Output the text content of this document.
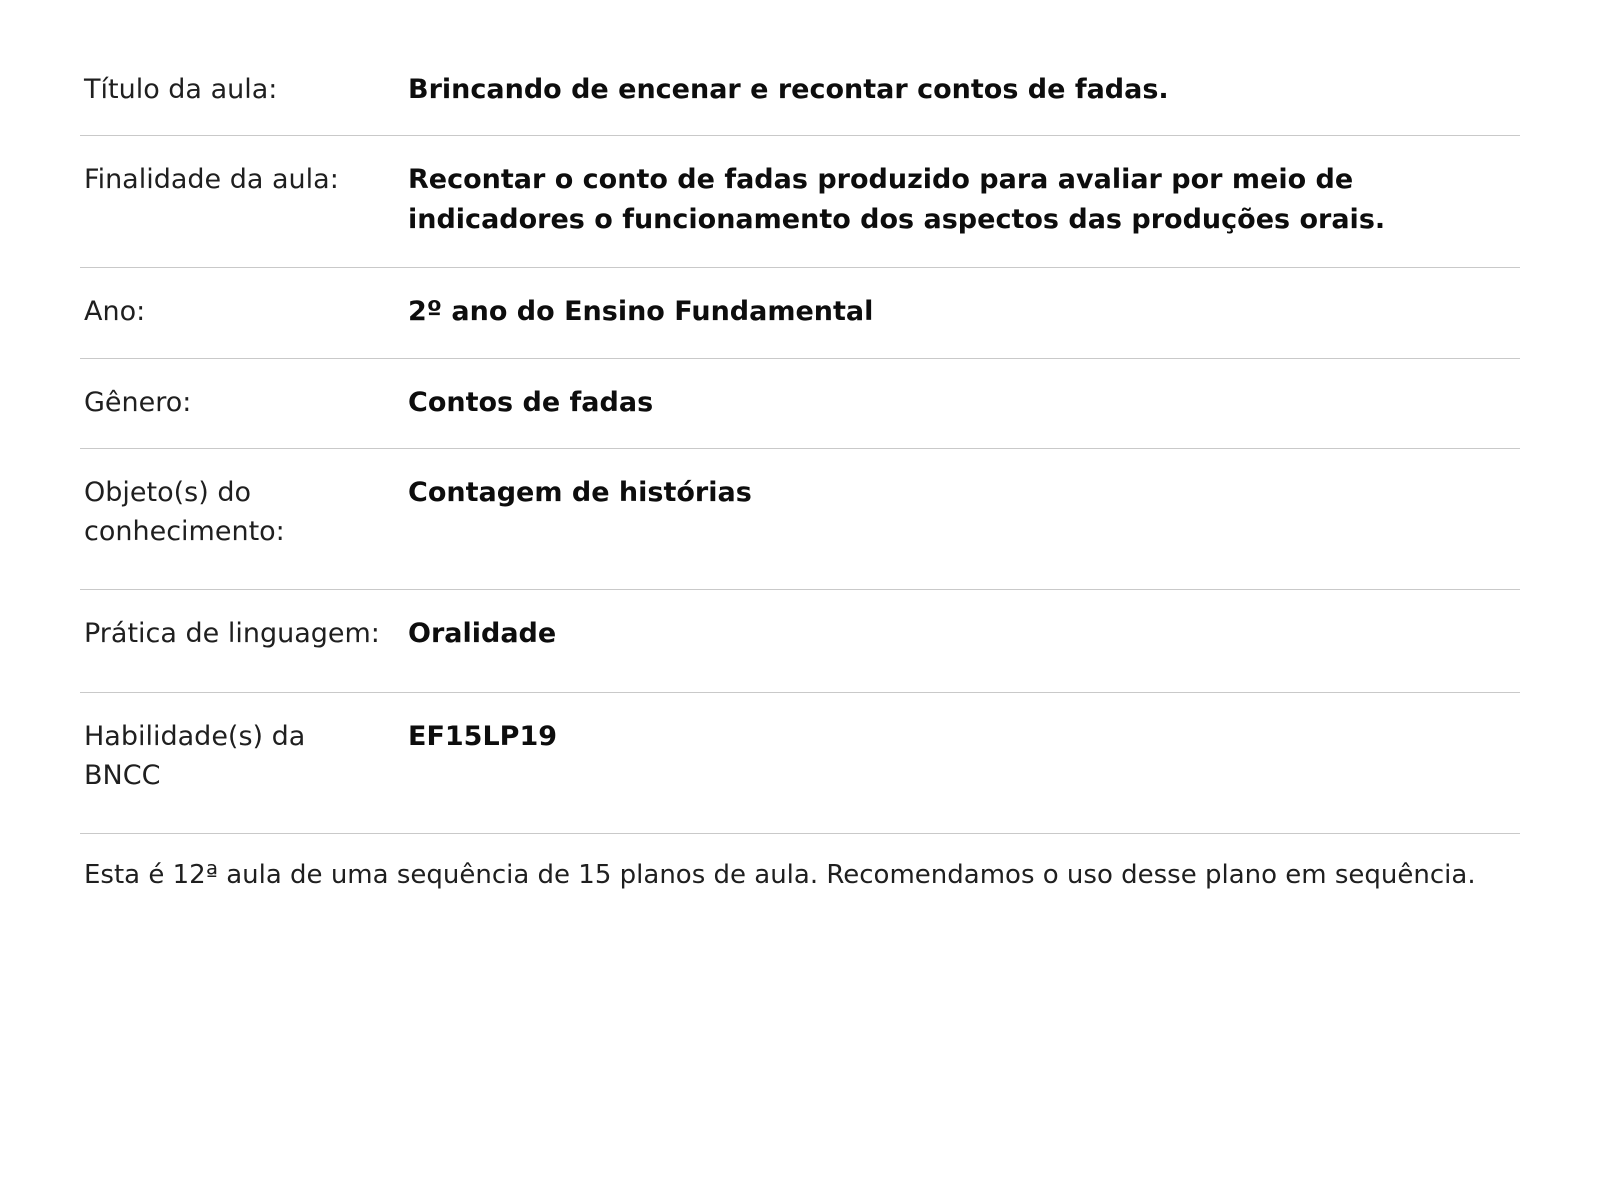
Título da aula:	Brincando de encenar e recontar contos de fadas.
Finalidade da aula:	Recontar o conto de fadas produzido para avaliar por meio de indicadores o funcionamento dos aspectos das produções orais.
Ano:	2º ano do Ensino Fundamental
Gênero:	Contos de fadas
Objeto(s) do conhecimento:	Contagem de histórias
Prática de linguagem:	Oralidade
Habilidade(s) da BNCC	EF15LP19

Esta é 12ª aula de uma sequência de 15 planos de aula. Recomendamos o uso desse plano em sequência.
